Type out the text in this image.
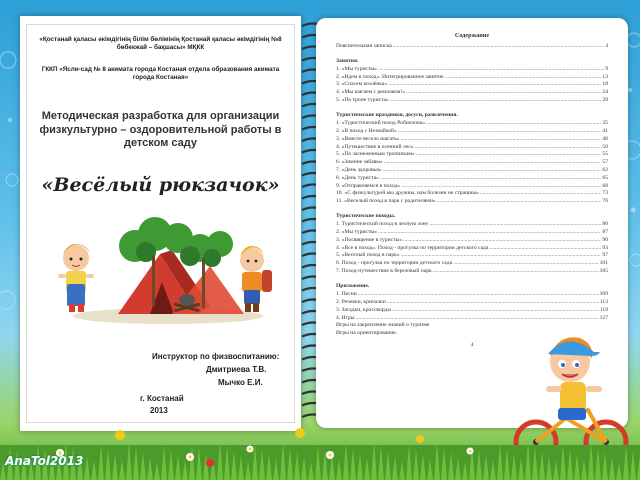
«Қостанай қаласы әкімдігінің білім бөлімінің Қостанай қаласы әкімдігінің №8 бөбекжай – бақшасы» МҚКК
ГККП «Ясли-сад № 8 акимата города Костаная отдела образования акимата города Костаная»
Методическая разработка для организации физкультурно – оздоровительной работы в детском саду
«Весёлый рюкзачок»
Инструктор по физвоспитанию:
Дмитриева Т.В.
Мычко Е.И.
г. Костанай
2013
Содержание
Пояснительная записка .....	4
Занятия.
1. «Мы туристы» .....	9
2. «Идем в поход». Интегрированное занятие .....	13
3. «Спасем козлёнка» .....	18
4. «Мы шагаем с рюкзаком!» .....	24
5. «По тропе туриста» .....	29
Туристические праздники, досуги, развлечения.
1. «Туристический поход Робинзона» .....	35
2. «В поход с Незнайкой» .....	41
3. «Вместе весело шагать» .....	46
4. «Путешествие в осенний лес» .....	50
5. «По заснеженным тропинкам» .....	55
6. «Зимние забавы» .....	57
7. «День здоровья» .....	62
8. «День туриста» .....	65
9. «Отправляемся в поход» .....	68
10. «С физкультурой мы дружны, нам болезни не страшны» .....	73
11. «Веселый поход в парк с родителями» .....	76
Туристические походы.
1. Туристический поход в лесную зону .....	80
2. «Мы туристы» .....	87
3. «Посвящение в туристы» .....	90
4. «Все в поход». Поход - прогулка по территории детского сада .....	93
5. «Веселый поход в парк» .....	97
6. Поход - прогулка по территории детского сада .....	101
7. Поход-путешествие в березовый парк .....	105
Приложение.
1. Песни .....	109
2. Речевки, кричалки .....	113
3. Загадки, кроссворды .....	119
4. Игры .....	127
Игры на закрепление знаний о туризме
Игры на ориентирование.
4
AnaTol2013
